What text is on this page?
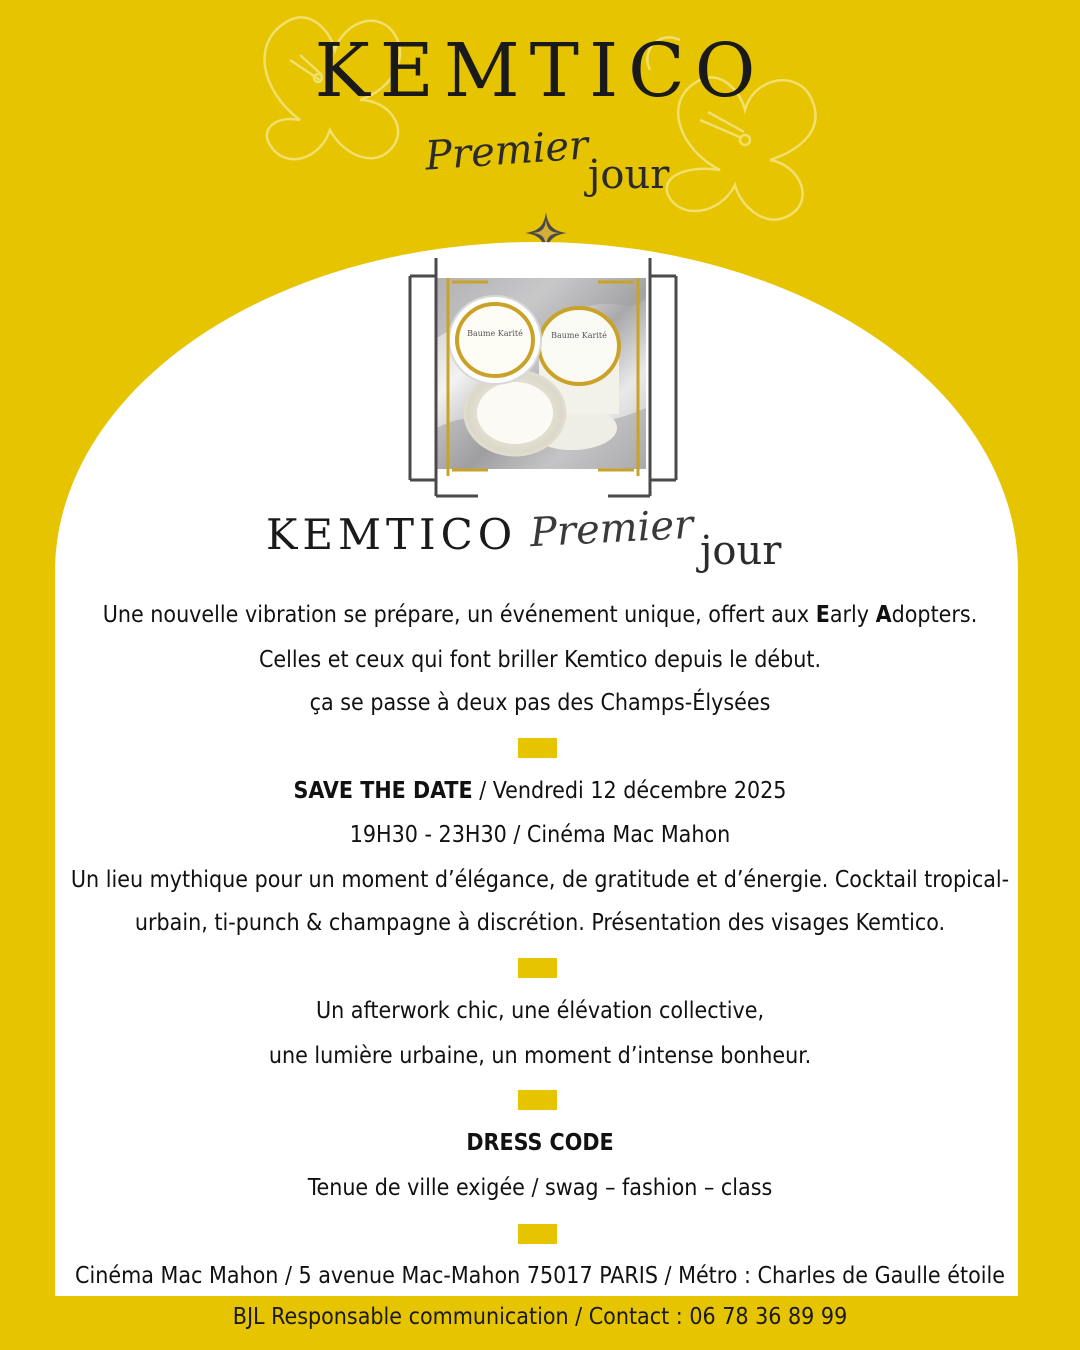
KEMTICO
Premier
jour
Baume Karité
Baume Karité
KEMTICO Premier jour
Une nouvelle vibration se prépare, un événement unique, offert aux Early Adopters.
Celles et ceux qui font briller Kemtico depuis le début.
ça se passe à deux pas des Champs-Élysées
SAVE THE DATE / Vendredi 12 décembre 2025
19H30 - 23H30 / Cinéma Mac Mahon
Un lieu mythique pour un moment d’élégance, de gratitude et d’énergie. Cocktail tropical-
urbain, ti-punch & champagne à discrétion. Présentation des visages Kemtico.
Un afterwork chic, une élévation collective,
une lumière urbaine, un moment d’intense bonheur.
DRESS CODE
Tenue de ville exigée / swag – fashion – class
Cinéma Mac Mahon / 5 avenue Mac-Mahon 75017 PARIS / Métro : Charles de Gaulle étoile
BJL Responsable communication / Contact : 06 78 36 89 99
